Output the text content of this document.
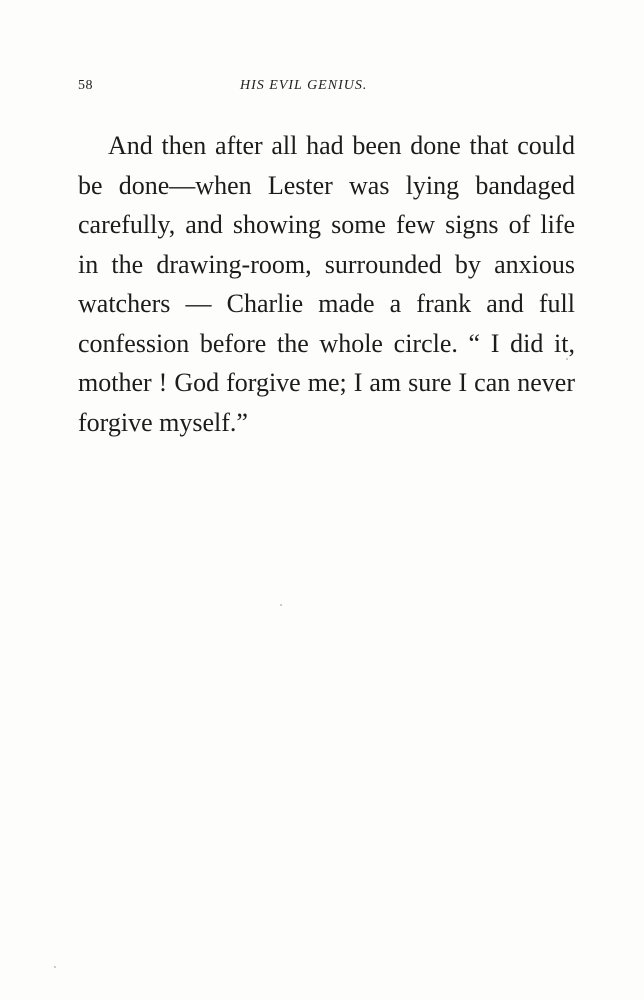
58	HIS EVIL GENIUS.

And then after all had been done that could be done—when Lester was lying bandaged carefully, and showing some few signs of life in the drawing-room, surrounded by anxious watchers — Charlie made a frank and full confession before the whole circle. “ I did it, mother ! God forgive me; I am sure I can never forgive myself.”
